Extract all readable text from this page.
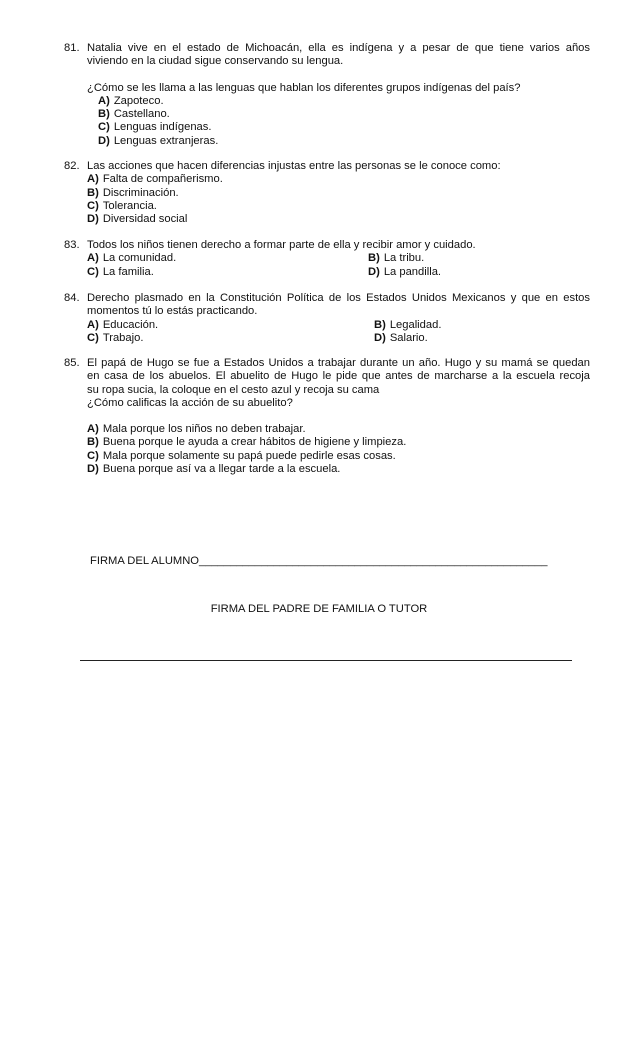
81. Natalia vive en el estado de Michoacán, ella es indígena y a pesar de que tiene varios años
viviendo en la ciudad sigue conservando su lengua.
¿Cómo se les llama a las lenguas que hablan los diferentes grupos indígenas del país?
A) Zapoteco.
B) Castellano.
C) Lenguas indígenas.
D) Lenguas extranjeras.
82. Las acciones que hacen diferencias injustas entre las personas se le conoce como:
A) Falta de compañerismo.
B) Discriminación.
C) Tolerancia.
D) Diversidad social
83. Todos los niños tienen derecho a formar parte de ella y recibir amor y cuidado.
A) La comunidad.	B) La tribu.
C) La familia.	D) La pandilla.
84. Derecho plasmado en la Constitución Política de los Estados Unidos Mexicanos y que en estos
momentos tú lo estás practicando.
A) Educación.	B) Legalidad.
C) Trabajo.	D) Salario.
85. El papá de Hugo se fue a Estados Unidos a trabajar durante un año. Hugo y su mamá se quedan
en casa de los abuelos. El abuelito de Hugo le pide que antes de marcharse a la escuela recoja
su ropa sucia, la coloque en el cesto azul y recoja su cama
¿Cómo calificas la acción de su abuelito?
A) Mala porque los niños no deben trabajar.
B) Buena porque le ayuda a crear hábitos de higiene y limpieza.
C) Mala porque solamente su papá puede pedirle esas cosas.
D) Buena porque así va a llegar tarde a la escuela.
FIRMA DEL ALUMNO________________________________________________________
FIRMA DEL PADRE DE FAMILIA O TUTOR
